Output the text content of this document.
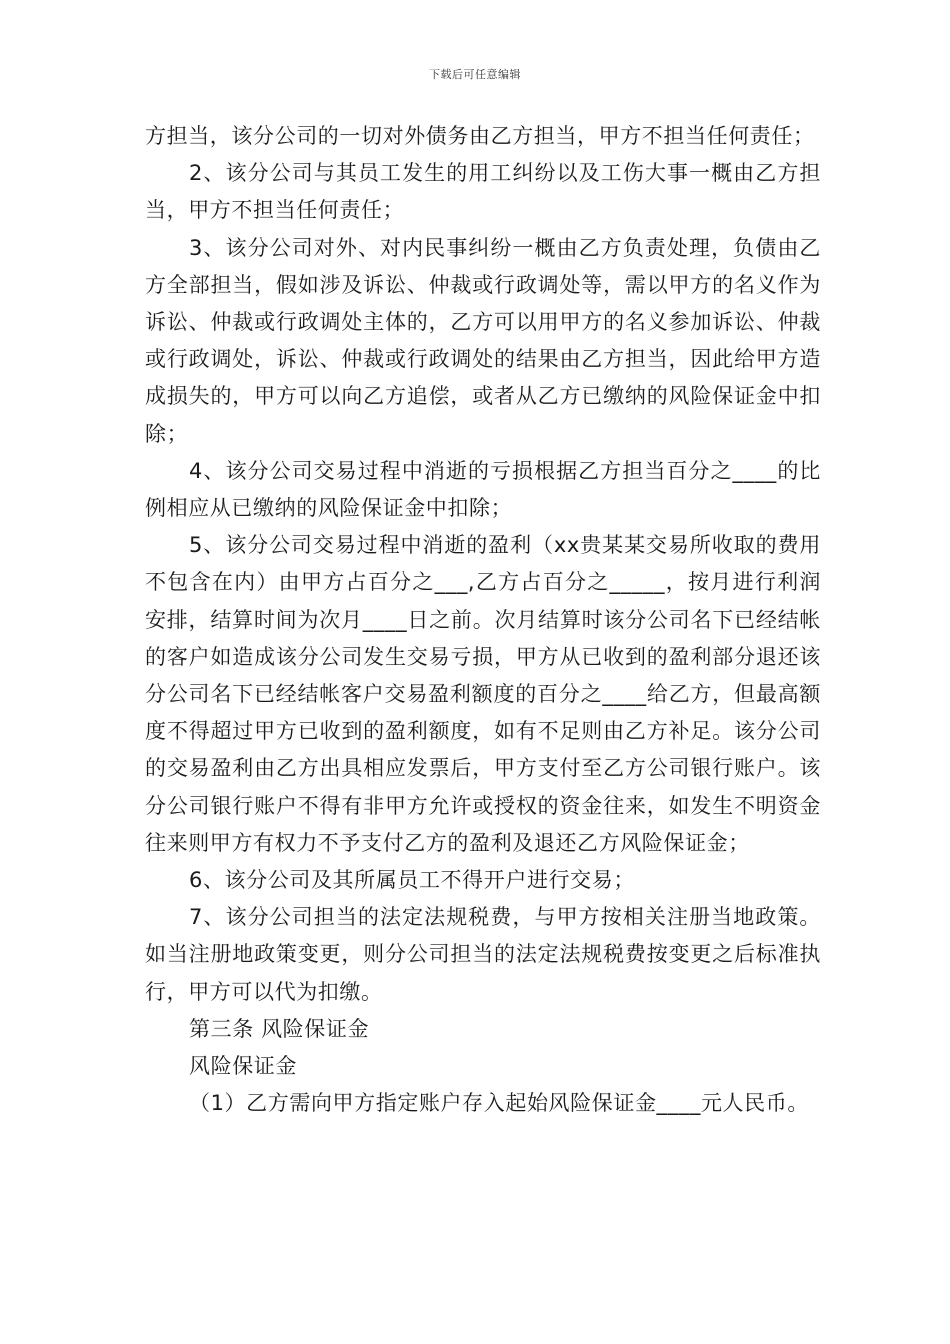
下载后可任意编辑

方担当，该分公司的一切对外债务由乙方担当，甲方不担当任何责任；

2、该分公司与其员工发生的用工纠纷以及工伤大事一概由乙方担当，甲方不担当任何责任；

3、该分公司对外、对内民事纠纷一概由乙方负责处理，负债由乙方全部担当，假如涉及诉讼、仲裁或行政调处等，需以甲方的名义作为诉讼、仲裁或行政调处主体的，乙方可以用甲方的名义参加诉讼、仲裁或行政调处，诉讼、仲裁或行政调处的结果由乙方担当，因此给甲方造成损失的，甲方可以向乙方追偿，或者从乙方已缴纳的风险保证金中扣除；

4、该分公司交易过程中消逝的亏损根据乙方担当百分之____的比例相应从已缴纳的风险保证金中扣除；

5、该分公司交易过程中消逝的盈利（xx贵某某交易所收取的费用不包含在内）由甲方占百分之___,乙方占百分之_____，按月进行利润安排，结算时间为次月____日之前。次月结算时该分公司名下已经结帐的客户如造成该分公司发生交易亏损，甲方从已收到的盈利部分退还该分公司名下已经结帐客户交易盈利额度的百分之____给乙方，但最高额度不得超过甲方已收到的盈利额度，如有不足则由乙方补足。该分公司的交易盈利由乙方出具相应发票后，甲方支付至乙方公司银行账户。该分公司银行账户不得有非甲方允许或授权的资金往来，如发生不明资金往来则甲方有权力不予支付乙方的盈利及退还乙方风险保证金；

6、该分公司及其所属员工不得开户进行交易；

7、该分公司担当的法定法规税费，与甲方按相关注册当地政策。如当注册地政策变更，则分公司担当的法定法规税费按变更之后标准执行，甲方可以代为扣缴。

第三条 风险保证金

风险保证金

（1）乙方需向甲方指定账户存入起始风险保证金____元人民币。
